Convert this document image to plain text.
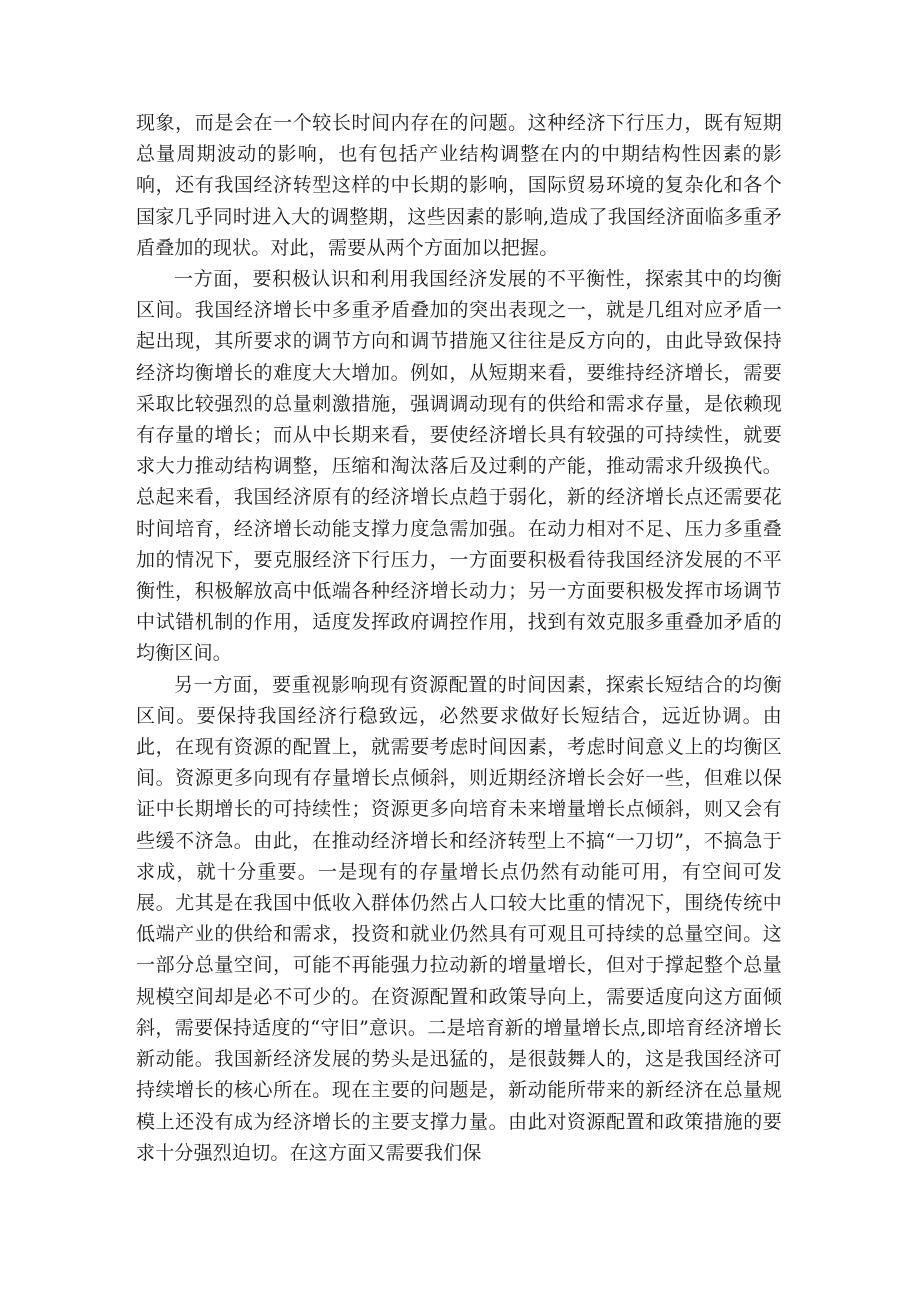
现象，而是会在一个较长时间内存在的问题。这种经济下行压力，既有短期总量周期波动的影响，也有包括产业结构调整在内的中期结构性因素的影响，还有我国经济转型这样的中长期的影响，国际贸易环境的复杂化和各个国家几乎同时进入大的调整期，这些因素的影响,造成了我国经济面临多重矛盾叠加的现状。对此，需要从两个方面加以把握。

一方面，要积极认识和利用我国经济发展的不平衡性，探索其中的均衡区间。我国经济增长中多重矛盾叠加的突出表现之一，就是几组对应矛盾一起出现，其所要求的调节方向和调节措施又往往是反方向的，由此导致保持经济均衡增长的难度大大增加。例如，从短期来看，要维持经济增长，需要采取比较强烈的总量刺激措施，强调调动现有的供给和需求存量，是依赖现有存量的增长；而从中长期来看，要使经济增长具有较强的可持续性，就要求大力推动结构调整，压缩和淘汰落后及过剩的产能，推动需求升级换代。总起来看，我国经济原有的经济增长点趋于弱化，新的经济增长点还需要花时间培育，经济增长动能支撑力度急需加强。在动力相对不足、压力多重叠加的情况下，要克服经济下行压力，一方面要积极看待我国经济发展的不平衡性，积极解放高中低端各种经济增长动力；另一方面要积极发挥市场调节中试错机制的作用，适度发挥政府调控作用，找到有效克服多重叠加矛盾的均衡区间。

另一方面，要重视影响现有资源配置的时间因素，探索长短结合的均衡区间。要保持我国经济行稳致远，必然要求做好长短结合，远近协调。由此，在现有资源的配置上，就需要考虑时间因素，考虑时间意义上的均衡区间。资源更多向现有存量增长点倾斜，则近期经济增长会好一些，但难以保证中长期增长的可持续性；资源更多向培育未来增量增长点倾斜，则又会有些缓不济急。由此，在推动经济增长和经济转型上不搞“一刀切”，不搞急于求成，就十分重要。一是现有的存量增长点仍然有动能可用，有空间可发展。尤其是在我国中低收入群体仍然占人口较大比重的情况下，围绕传统中低端产业的供给和需求，投资和就业仍然具有可观且可持续的总量空间。这一部分总量空间，可能不再能强力拉动新的增量增长，但对于撑起整个总量规模空间却是必不可少的。在资源配置和政策导向上，需要适度向这方面倾斜，需要保持适度的“守旧”意识。二是培育新的增量增长点,即培育经济增长新动能。我国新经济发展的势头是迅猛的，是很鼓舞人的，这是我国经济可持续增长的核心所在。现在主要的问题是，新动能所带来的新经济在总量规模上还没有成为经济增长的主要支撑力量。由此对资源配置和政策措施的要求十分强烈迫切。在这方面又需要我们保
